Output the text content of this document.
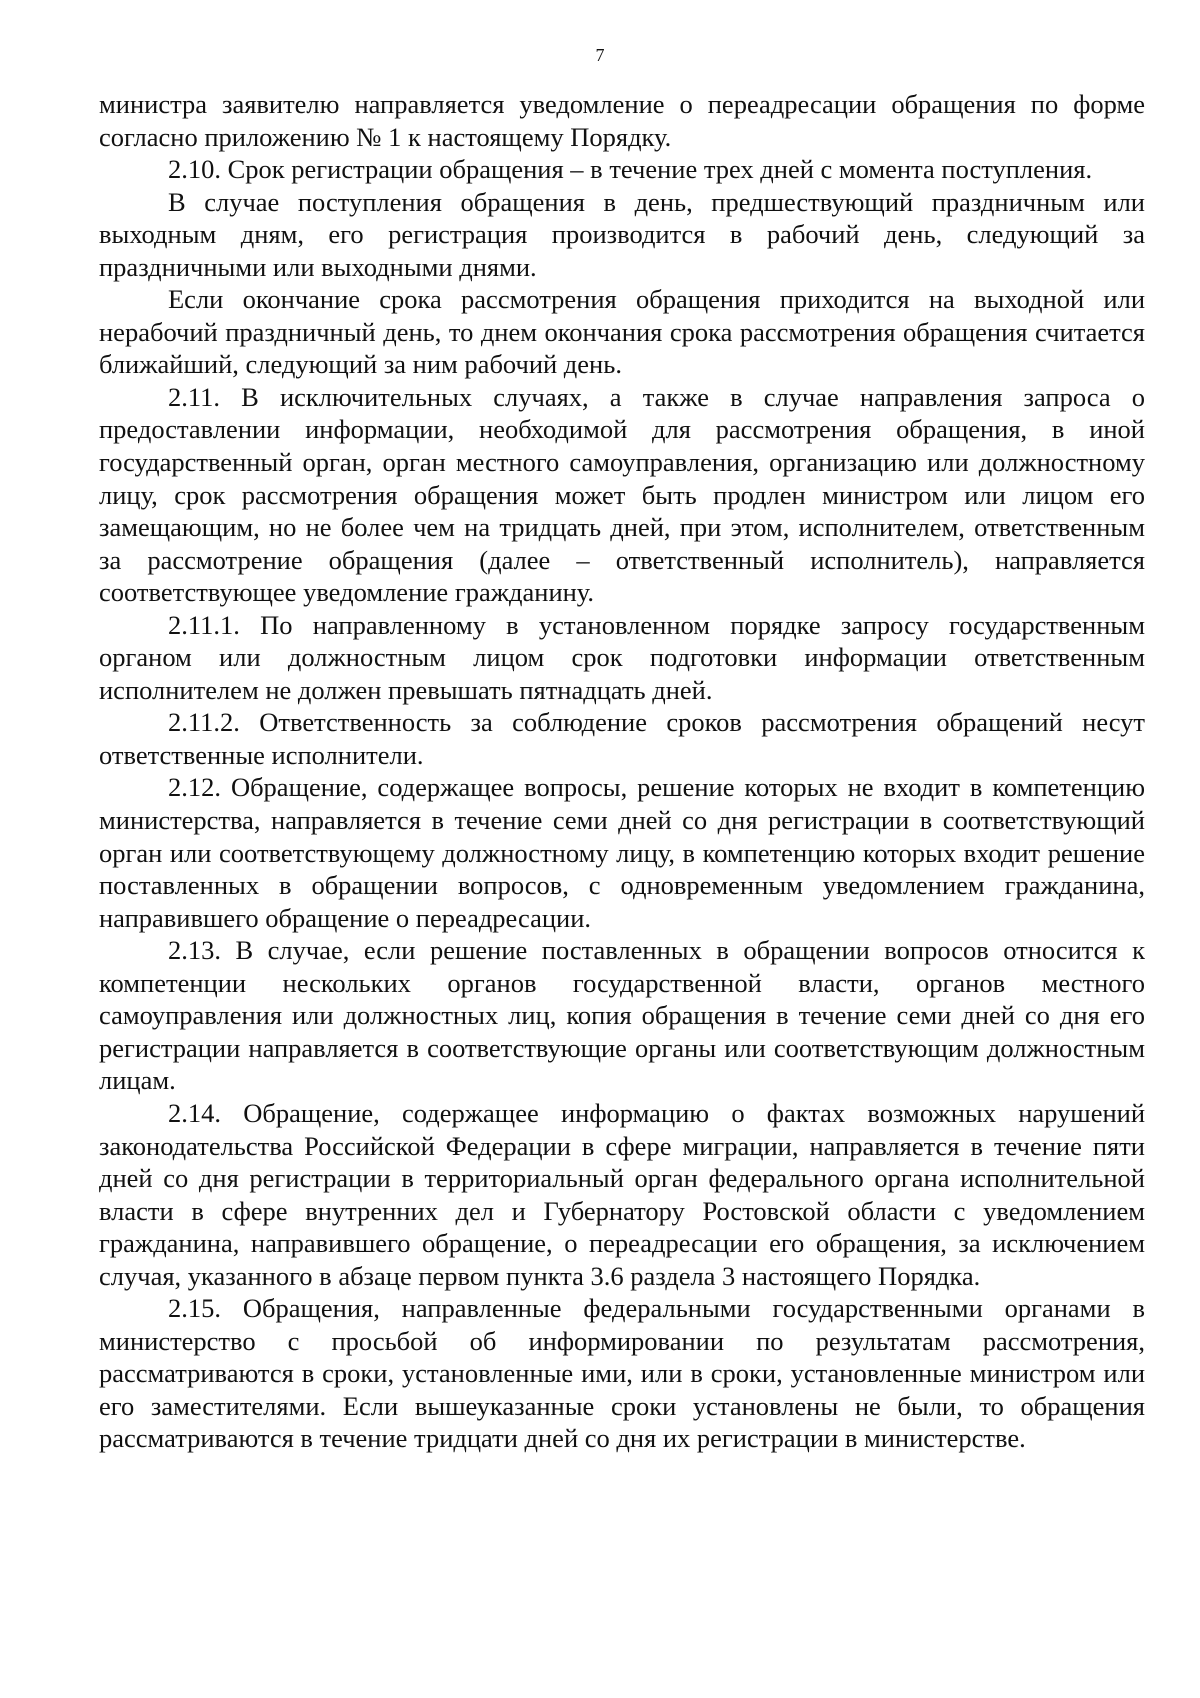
7

министра заявителю направляется уведомление о переадресации обращения по форме согласно приложению № 1 к настоящему Порядку.

2.10. Срок регистрации обращения – в течение трех дней с момента поступления.

В случае поступления обращения в день, предшествующий праздничным или выходным дням, его регистрация производится в рабочий день, следующий за праздничными или выходными днями.

Если окончание срока рассмотрения обращения приходится на выходной или нерабочий праздничный день, то днем окончания срока рассмотрения обращения считается ближайший, следующий за ним рабочий день.

2.11. В исключительных случаях, а также в случае направления запроса о предоставлении информации, необходимой для рассмотрения обращения, в иной государственный орган, орган местного самоуправления, организацию или должностному лицу, срок рассмотрения обращения может быть продлен министром или лицом его замещающим, но не более чем на тридцать дней, при этом, исполнителем, ответственным за рассмотрение обращения (далее – ответственный исполнитель), направляется соответствующее уведомление гражданину.

2.11.1. По направленному в установленном порядке запросу государственным органом или должностным лицом срок подготовки информации ответственным исполнителем не должен превышать пятнадцать дней.

2.11.2. Ответственность за соблюдение сроков рассмотрения обращений несут ответственные исполнители.

2.12. Обращение, содержащее вопросы, решение которых не входит в компетенцию министерства, направляется в течение семи дней со дня регистрации в соответствующий орган или соответствующему должностному лицу, в компетенцию которых входит решение поставленных в обращении вопросов, с одновременным уведомлением гражданина, направившего обращение о переадресации.

2.13. В случае, если решение поставленных в обращении вопросов относится к компетенции нескольких органов государственной власти, органов местного самоуправления или должностных лиц, копия обращения в течение семи дней со дня его регистрации направляется в соответствующие органы или соответствующим должностным лицам.

2.14. Обращение, содержащее информацию о фактах возможных нарушений законодательства Российской Федерации в сфере миграции, направляется в течение пяти дней со дня регистрации в территориальный орган федерального органа исполнительной власти в сфере внутренних дел и Губернатору Ростовской области с уведомлением гражданина, направившего обращение, о переадресации его обращения, за исключением случая, указанного в абзаце первом пункта 3.6 раздела 3 настоящего Порядка.

2.15. Обращения, направленные федеральными государственными органами в министерство с просьбой об информировании по результатам рассмотрения, рассматриваются в сроки, установленные ими, или в сроки, установленные министром или его заместителями. Если вышеуказанные сроки установлены не были, то обращения рассматриваются в течение тридцати дней со дня их регистрации в министерстве.
